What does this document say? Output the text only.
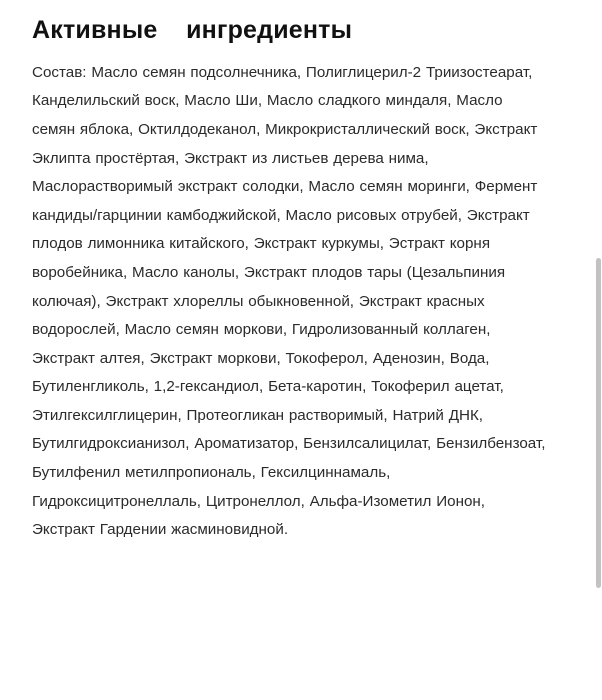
Активные    ингредиенты
Состав: Масло семян подсолнечника, Полиглицерил-2 Триизостеарат, Канделильский воск, Масло Ши, Масло сладкого миндаля, Масло семян яблока, Октилдодеканол, Микрокристаллический воск, Экстракт Эклипта простёртая, Экстракт из листьев дерева нима, Маслорастворимый экстракт солодки, Масло семян моринги, Фермент кандиды/гарцинии камбоджийской, Масло рисовых отрубей, Экстракт плодов лимонника китайского, Экстракт куркумы, Эстракт корня воробейника, Масло канолы, Экстракт плодов тары (Цезальпиния колючая), Экстракт хлореллы обыкновенной, Экстракт красных водорослей, Масло семян моркови, Гидролизованный коллаген, Экстракт алтея, Экстракт моркови, Токоферол, Аденозин, Вода, Бутиленгликоль, 1,2-гександиол, Бета-каротин, Токоферил ацетат, Этилгексилглицерин, Протеогликан растворимый, Натрий ДНК, Бутилгидроксианизол, Ароматизатор, Бензилсалицилат, Бензилбензоат, Бутилфенил метилпропиональ, Гексилциннамаль, Гидроксицитронеллаль, Цитронеллол, Альфа-Изометил Ионон, Экстракт Гардении жасминовидной.
